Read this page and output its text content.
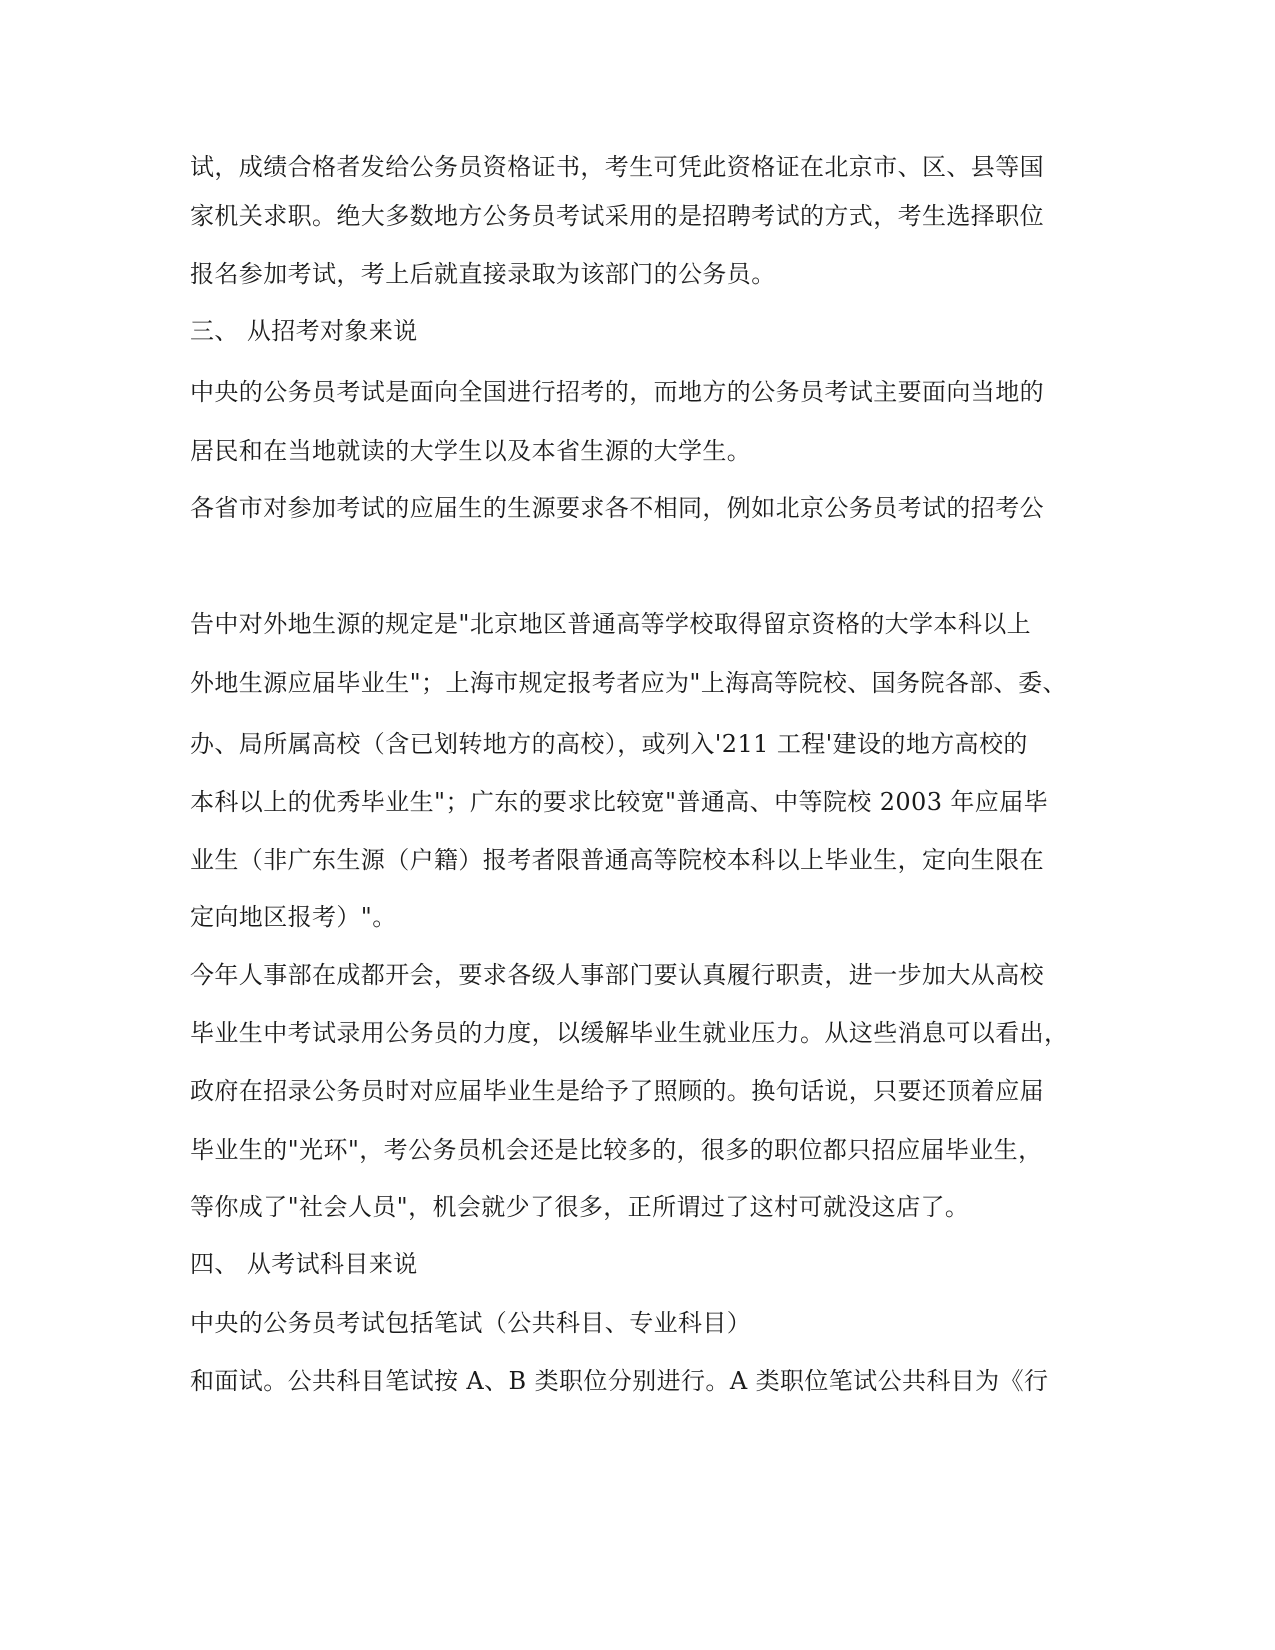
试，成绩合格者发给公务员资格证书，考生可凭此资格证在北京市、区、县等国

家机关求职。绝大多数地方公务员考试采用的是招聘考试的方式，考生选择职位

报名参加考试，考上后就直接录取为该部门的公务员。

三、 从招考对象来说

中央的公务员考试是面向全国进行招考的，而地方的公务员考试主要面向当地的

居民和在当地就读的大学生以及本省生源的大学生。

各省市对参加考试的应届生的生源要求各不相同，例如北京公务员考试的招考公

告中对外地生源的规定是"北京地区普通高等学校取得留京资格的大学本科以上

外地生源应届毕业生"；上海市规定报考者应为"上海高等院校、国务院各部、委、

办、局所属高校（含已划转地方的高校），或列入'211 工程'建设的地方高校的

本科以上的优秀毕业生"；广东的要求比较宽"普通高、中等院校 2003 年应届毕

业生（非广东生源（户籍）报考者限普通高等院校本科以上毕业生，定向生限在

定向地区报考）"。

今年人事部在成都开会，要求各级人事部门要认真履行职责，进一步加大从高校

毕业生中考试录用公务员的力度，以缓解毕业生就业压力。从这些消息可以看出，

政府在招录公务员时对应届毕业生是给予了照顾的。换句话说，只要还顶着应届

毕业生的"光环"，考公务员机会还是比较多的，很多的职位都只招应届毕业生，

等你成了"社会人员"，机会就少了很多，正所谓过了这村可就没这店了。

四、 从考试科目来说

中央的公务员考试包括笔试（公共科目、专业科目）

和面试。公共科目笔试按 A、B 类职位分别进行。A 类职位笔试公共科目为《行
